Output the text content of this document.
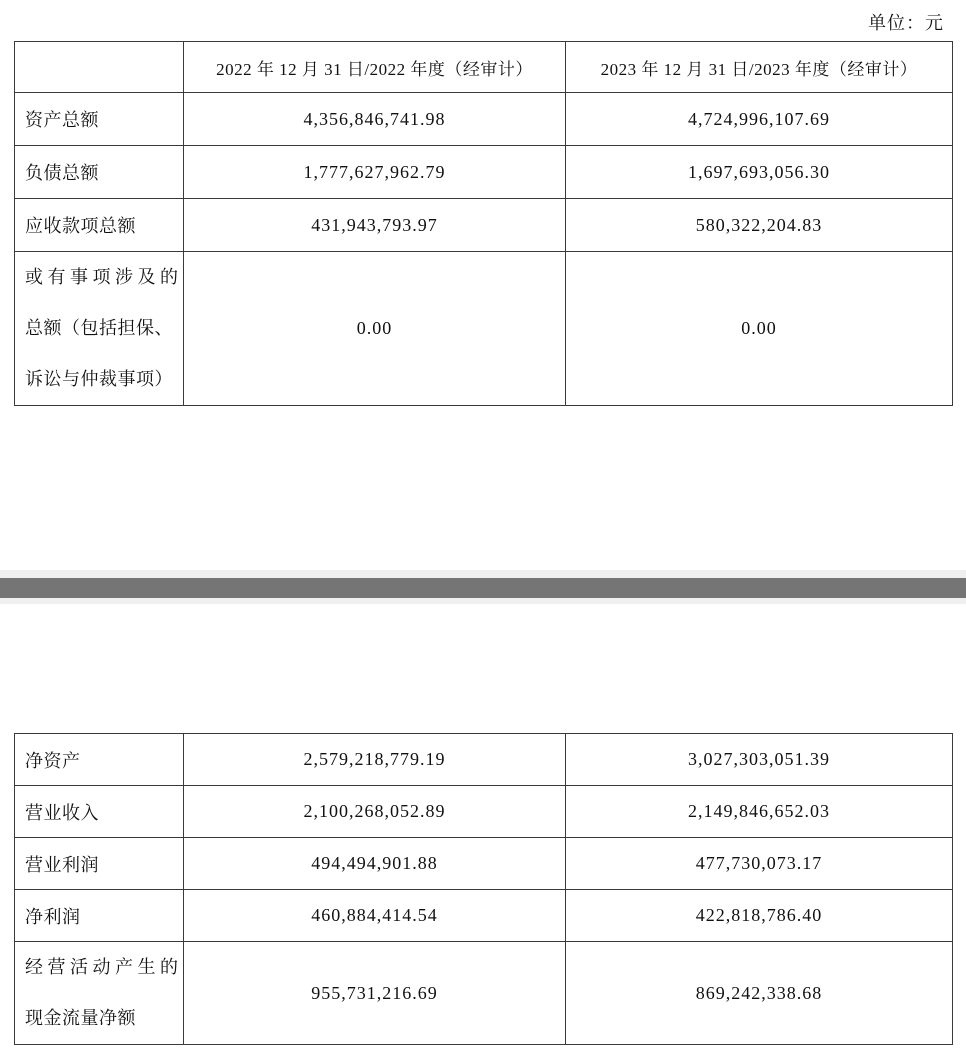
单位：元
	2022 年 12 月 31 日/2022 年度（经审计）	2023 年 12 月 31 日/2023 年度（经审计）
资产总额	4,356,846,741.98	4,724,996,107.69
负债总额	1,777,627,962.79	1,697,693,056.30
应收款项总额	431,943,793.97	580,322,204.83

或有事项涉及的
总额（包括担保、
诉讼与仲裁事项）	0.00	0.00
净资产	2,579,218,779.19	3,027,303,051.39
营业收入	2,100,268,052.89	2,149,846,652.03
营业利润	494,494,901.88	477,730,073.17
净利润	460,884,414.54	422,818,786.40

经营活动产生的
现金流量净额	955,731,216.69	869,242,338.68
